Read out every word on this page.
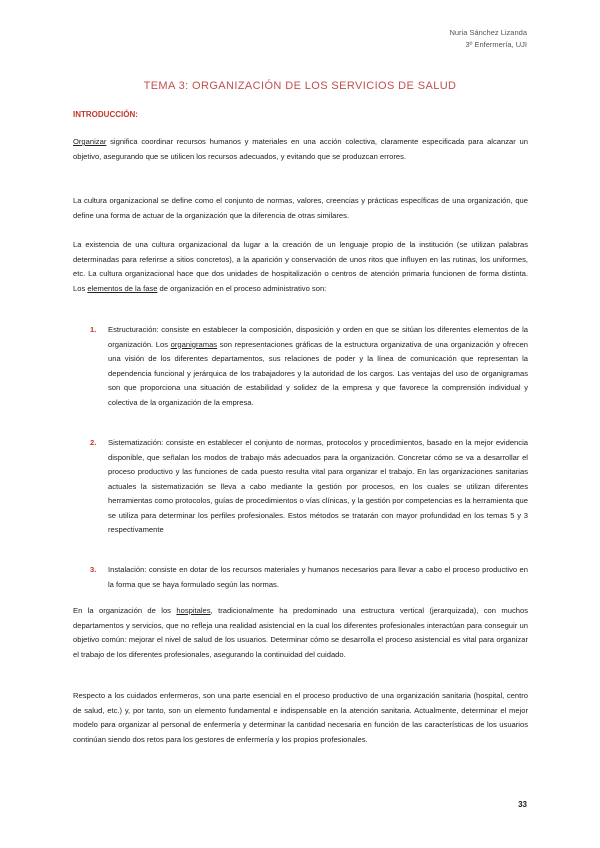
Nuria Sánchez Lizanda
3º Enfermería, UJI
TEMA 3: ORGANIZACIÓN DE LOS SERVICIOS DE SALUD
INTRODUCCIÓN:
Organizar significa coordinar recursos humanos y materiales en una acción colectiva, claramente especificada para alcanzar un objetivo, asegurando que se utilicen los recursos adecuados, y evitando que se produzcan errores.
La cultura organizacional se define como el conjunto de normas, valores, creencias y prácticas específicas de una organización, que define una forma de actuar de la organización que la diferencia de otras similares.
La existencia de una cultura organizacional da lugar a la creación de un lenguaje propio de la institución (se utilizan palabras determinadas para referirse a sitios concretos), a la aparición y conservación de unos ritos que influyen en las rutinas, los uniformes, etc. La cultura organizacional hace que dos unidades de hospitalización o centros de atención primaria funcionen de forma distinta. Los elementos de la fase de organización en el proceso administrativo son:
1. Estructuración: consiste en establecer la composición, disposición y orden en que se sitúan los diferentes elementos de la organización. Los organigramas son representaciones gráficas de la estructura organizativa de una organización y ofrecen una visión de los diferentes departamentos, sus relaciones de poder y la línea de comunicación que representan la dependencia funcional y jerárquica de los trabajadores y la autoridad de los cargos. Las ventajas del uso de organigramas son que proporciona una situación de estabilidad y solidez de la empresa y que favorece la comprensión individual y colectiva de la organización de la empresa.
2. Sistematización: consiste en establecer el conjunto de normas, protocolos y procedimientos, basado en la mejor evidencia disponible, que señalan los modos de trabajo más adecuados para la organización. Concretar cómo se va a desarrollar el proceso productivo y las funciones de cada puesto resulta vital para organizar el trabajo. En las organizaciones sanitarias actuales la sistematización se lleva a cabo mediante la gestión por procesos, en los cuales se utilizan diferentes herramientas como protocolos, guías de procedimientos o vías clínicas, y la gestión por competencias es la herramienta que se utiliza para determinar los perfiles profesionales. Estos métodos se tratarán con mayor profundidad en los temas 5 y 3 respectivamente
3. Instalación: consiste en dotar de los recursos materiales y humanos necesarios para llevar a cabo el proceso productivo en la forma que se haya formulado según las normas.
En la organización de los hospitales, tradicionalmente ha predominado una estructura vertical (jerarquizada), con muchos departamentos y servicios, que no refleja una realidad asistencial en la cual los diferentes profesionales interactúan para conseguir un objetivo común: mejorar el nivel de salud de los usuarios. Determinar cómo se desarrolla el proceso asistencial es vital para organizar el trabajo de los diferentes profesionales, asegurando la continuidad del cuidado.
Respecto a los cuidados enfermeros, son una parte esencial en el proceso productivo de una organización sanitaria (hospital, centro de salud, etc.) y, por tanto, son un elemento fundamental e indispensable en la atención sanitaria. Actualmente, determinar el mejor modelo para organizar al personal de enfermería y determinar la cantidad necesaria en función de las características de los usuarios continúan siendo dos retos para los gestores de enfermería y los propios profesionales.
33
